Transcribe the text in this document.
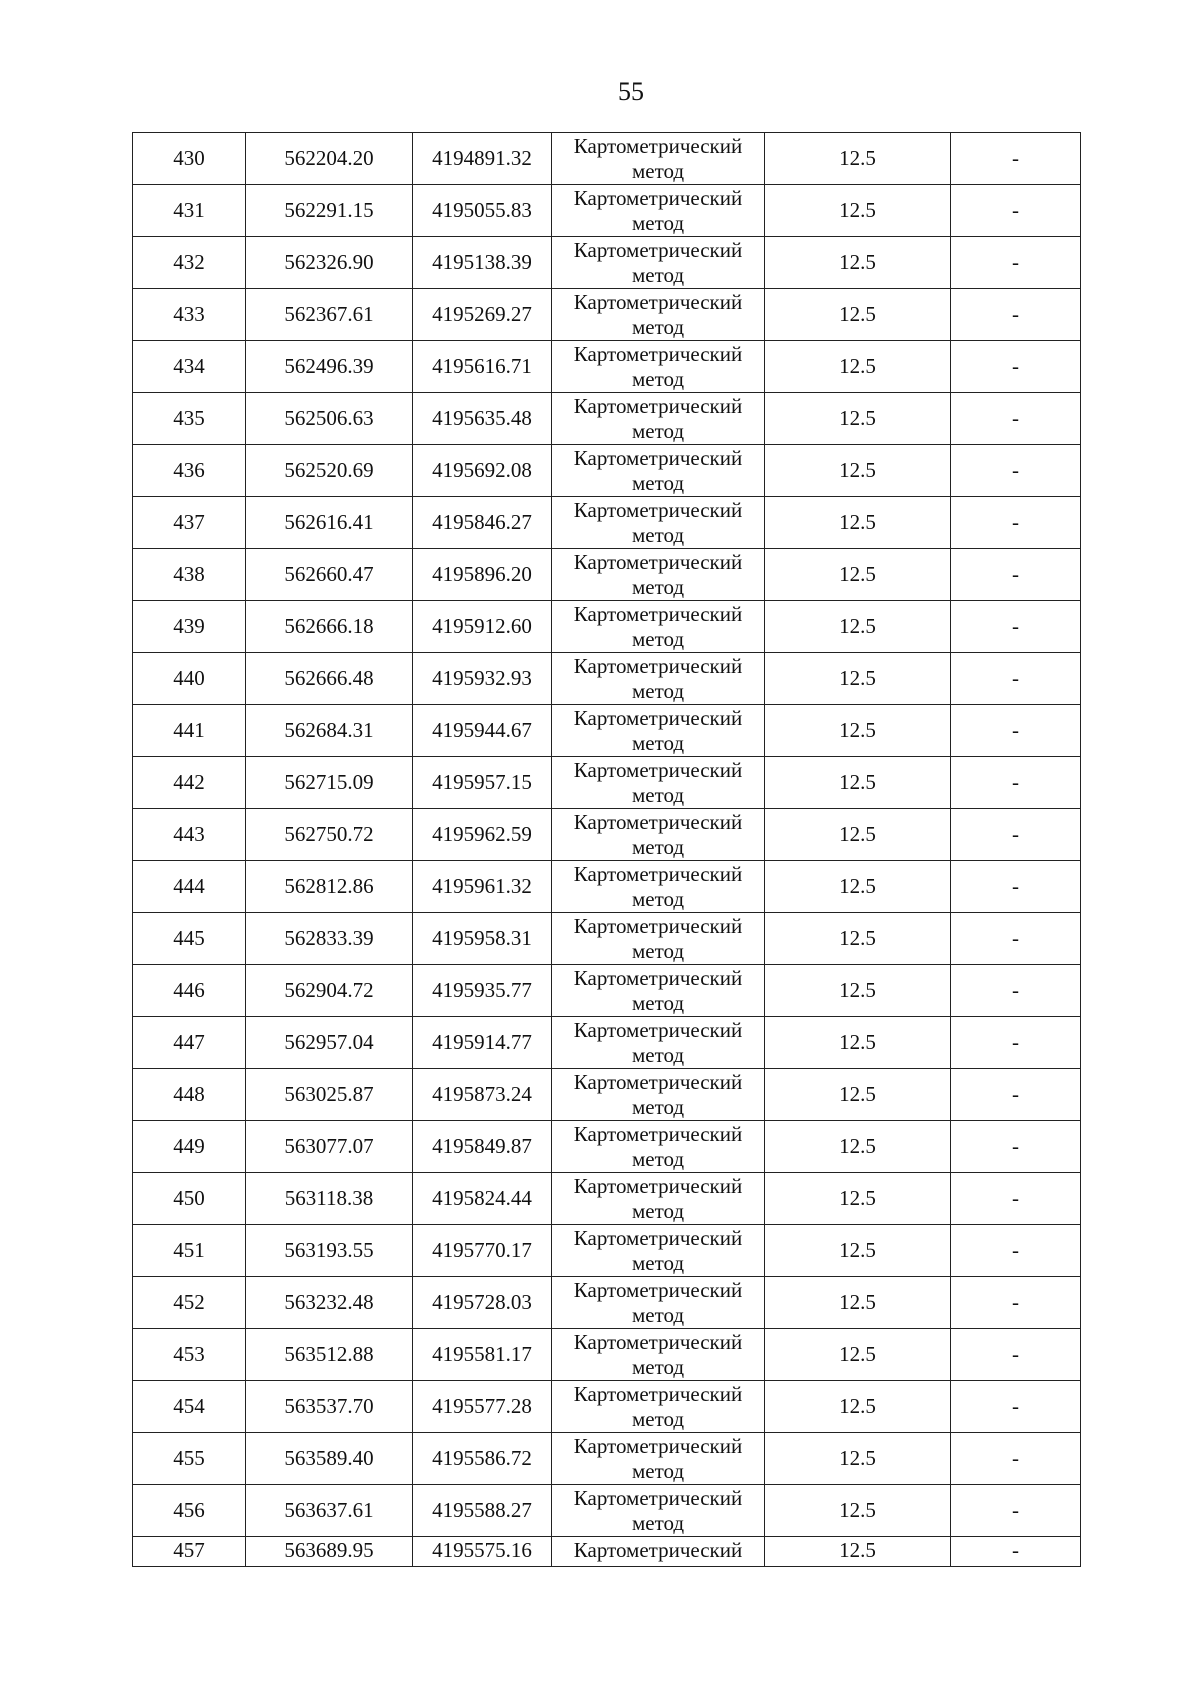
55
430	562204.20	4194891.32	Картометрический метод	12.5	-
431	562291.15	4195055.83	Картометрический метод	12.5	-
432	562326.90	4195138.39	Картометрический метод	12.5	-
433	562367.61	4195269.27	Картометрический метод	12.5	-
434	562496.39	4195616.71	Картометрический метод	12.5	-
435	562506.63	4195635.48	Картометрический метод	12.5	-
436	562520.69	4195692.08	Картометрический метод	12.5	-
437	562616.41	4195846.27	Картометрический метод	12.5	-
438	562660.47	4195896.20	Картометрический метод	12.5	-
439	562666.18	4195912.60	Картометрический метод	12.5	-
440	562666.48	4195932.93	Картометрический метод	12.5	-
441	562684.31	4195944.67	Картометрический метод	12.5	-
442	562715.09	4195957.15	Картометрический метод	12.5	-
443	562750.72	4195962.59	Картометрический метод	12.5	-
444	562812.86	4195961.32	Картометрический метод	12.5	-
445	562833.39	4195958.31	Картометрический метод	12.5	-
446	562904.72	4195935.77	Картометрический метод	12.5	-
447	562957.04	4195914.77	Картометрический метод	12.5	-
448	563025.87	4195873.24	Картометрический метод	12.5	-
449	563077.07	4195849.87	Картометрический метод	12.5	-
450	563118.38	4195824.44	Картометрический метод	12.5	-
451	563193.55	4195770.17	Картометрический метод	12.5	-
452	563232.48	4195728.03	Картометрический метод	12.5	-
453	563512.88	4195581.17	Картометрический метод	12.5	-
454	563537.70	4195577.28	Картометрический метод	12.5	-
455	563589.40	4195586.72	Картометрический метод	12.5	-
456	563637.61	4195588.27	Картометрический метод	12.5	-
457	563689.95	4195575.16	Картометрический	12.5	-
